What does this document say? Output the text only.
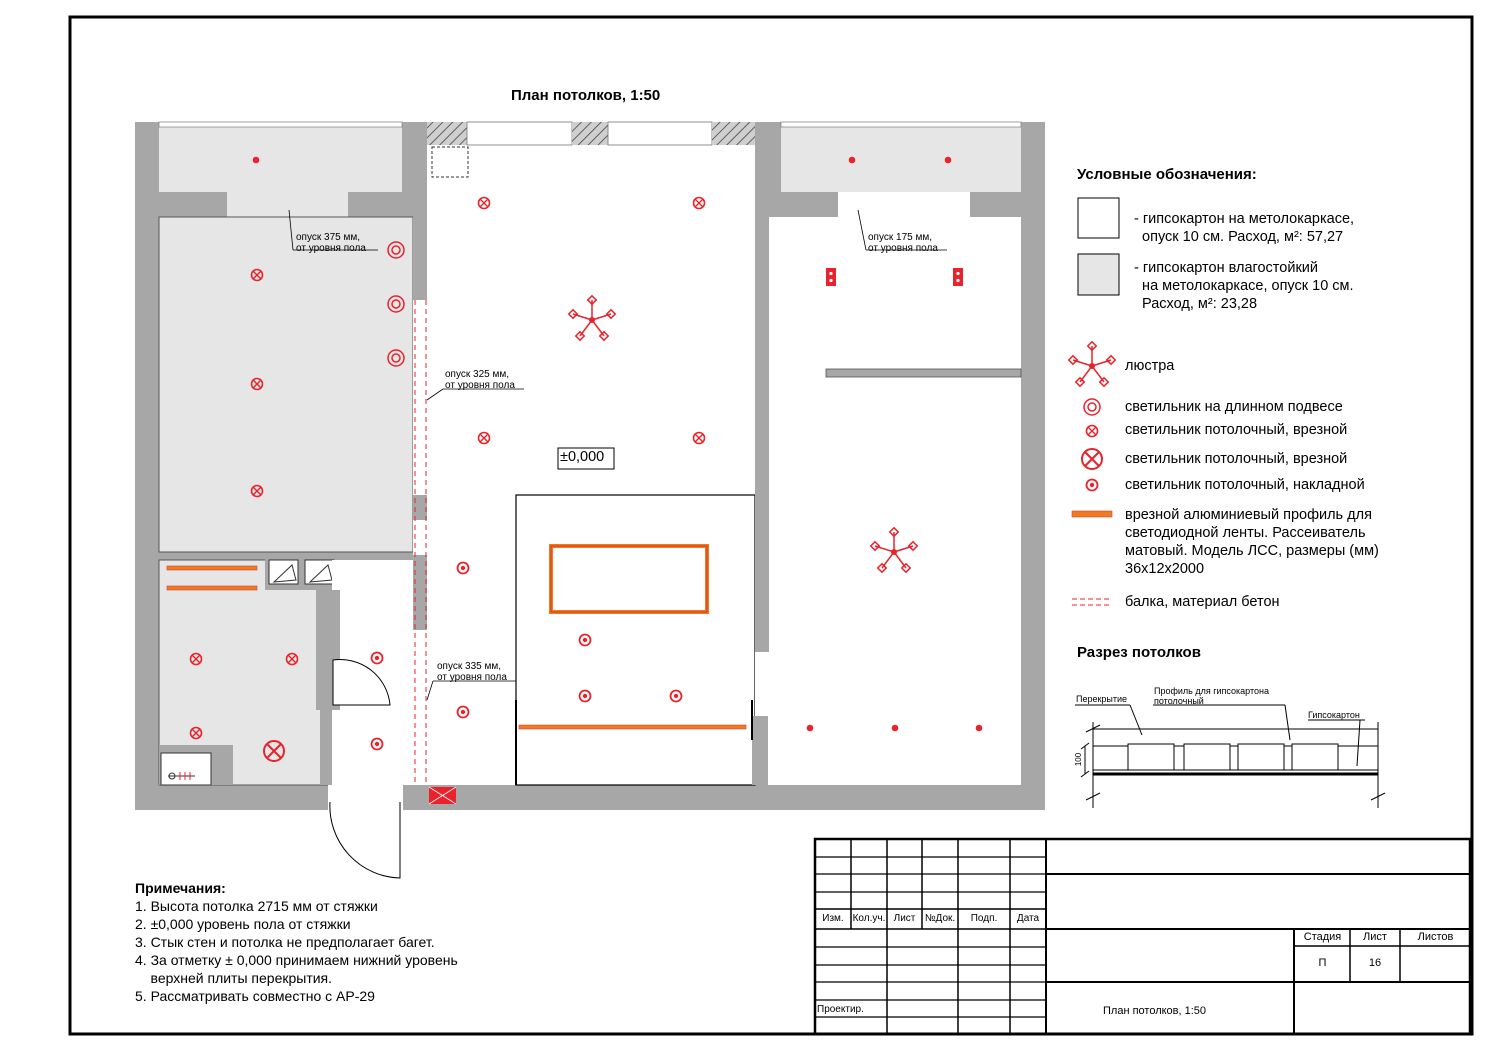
План потолков, 1:50
опуск 375 мм,
от уровня пола
опуск 325 мм,
от уровня пола
опуск 335 мм,
от уровня пола
опуск 175 мм,
от уровня пола
±0,000
Условные обозначения:
- гипсокартон на метолокаркасе,
опуск 10 см. Расход, м²: 57,27
- гипсокартон влагостойкий
на метолокаркасе, опуск 10 см.
Расход, м²: 23,28
люстра
светильник на длинном подвесе
светильник потолочный, врезной
светильник потолочный, врезной
светильник потолочный, накладной
врезной алюминиевый профиль для
светодиодной ленты. Рассеиватель
матовый. Модель ЛСС, размеры (мм)
36x12x2000
балка, материал бетон
Разрез потолков
Перекрытие
Профиль для гипсокартона
потолочный
Гипсокартон
100
Примечания:
1. Высота потолка 2715 мм от стяжки
2. ±0,000 уровень пола от стяжки
3. Стык стен и потолка не предполагает багет.
4. За отметку ± 0,000 принимаем нижний уровень
верхней плиты перекрытия.
5. Рассматривать совместно с АР-29
Изм. Кол.уч. Лист №Док.	Подп.	Дата
Проектир.
Стадия	Лист	Листов
П	16
План потолков, 1:50
